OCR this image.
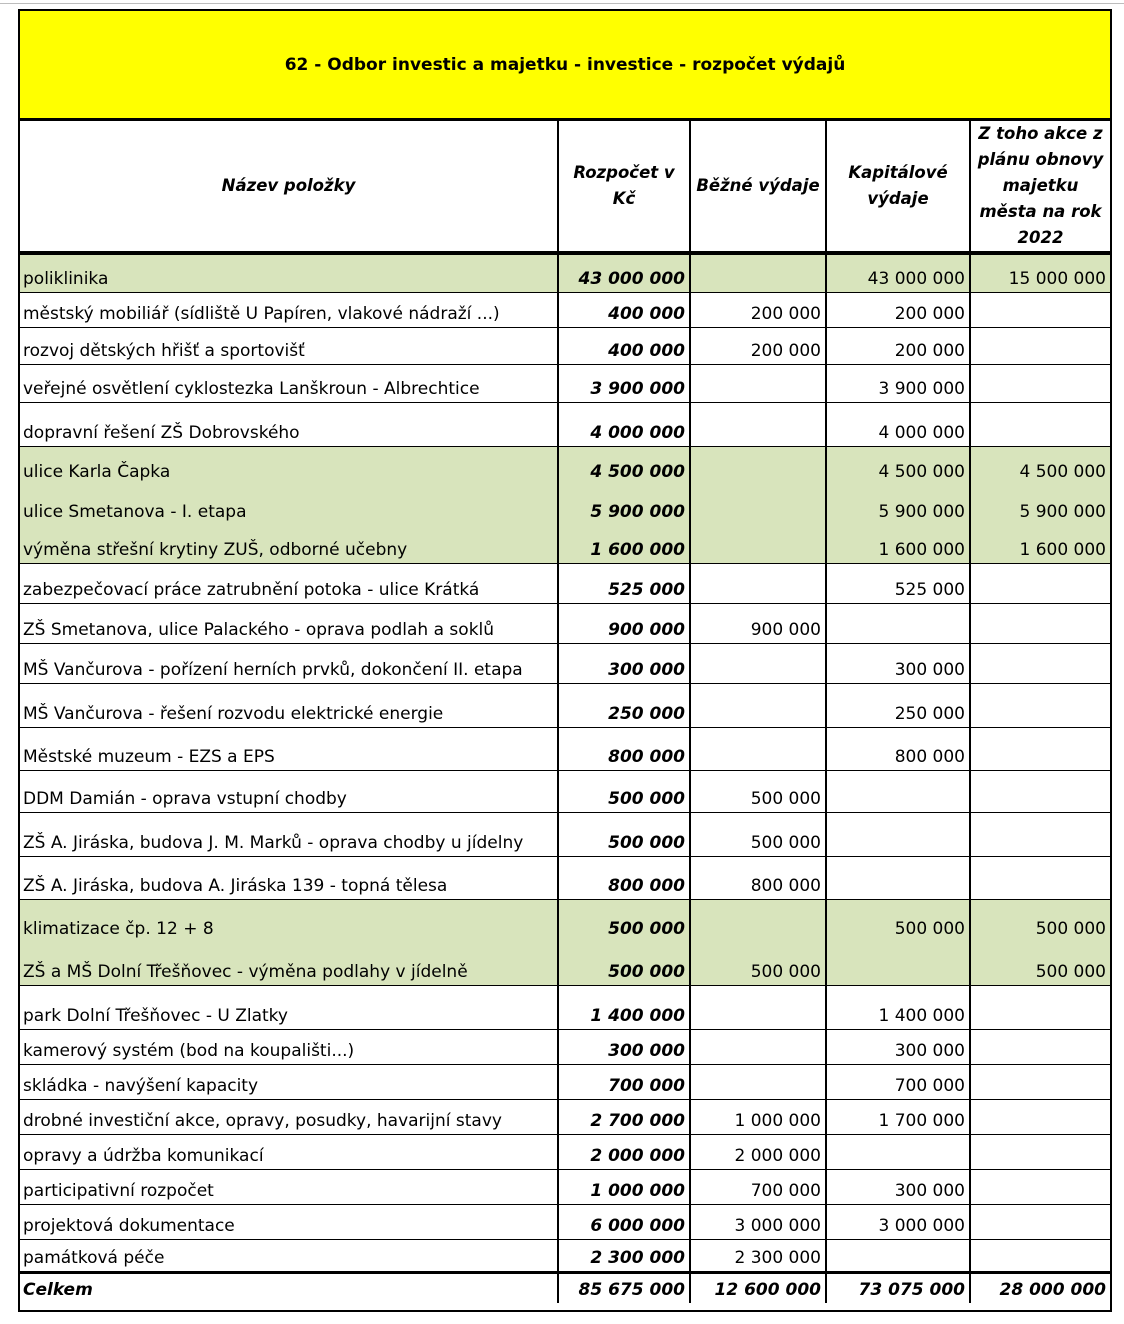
62 - Odbor investic a majetku - investice - rozpočet výdajů
Název položky	Rozpočet v Kč	Běžné výdaje	Kapitálové výdaje	Z toho akce z plánu obnovy majetku města na rok 2022
poliklinika	43 000 000		43 000 000	15 000 000
městský mobiliář (sídliště U Papíren, vlakové nádraží ...)	400 000	200 000	200 000	
rozvoj dětských hřišť a sportovišť	400 000	200 000	200 000	
veřejné osvětlení cyklostezka Lanškroun - Albrechtice	3 900 000		3 900 000	
dopravní řešení ZŠ Dobrovského	4 000 000		4 000 000	
ulice Karla Čapka	4 500 000		4 500 000	4 500 000
ulice Smetanova - I. etapa	5 900 000		5 900 000	5 900 000
výměna střešní krytiny ZUŠ, odborné učebny	1 600 000		1 600 000	1 600 000
zabezpečovací práce zatrubnění potoka - ulice Krátká	525 000		525 000	
ZŠ Smetanova, ulice Palackého - oprava podlah a soklů	900 000	900 000		
MŠ Vančurova - pořízení herních prvků, dokončení II. etapa	300 000		300 000	
MŠ Vančurova - řešení rozvodu elektrické energie	250 000		250 000	
Městské muzeum - EZS a EPS	800 000		800 000	
DDM Damián - oprava vstupní chodby	500 000	500 000		
ZŠ A. Jiráska, budova J. M. Marků - oprava chodby u jídelny	500 000	500 000		
ZŠ A. Jiráska, budova A. Jiráska 139 - topná tělesa	800 000	800 000		
klimatizace čp. 12 + 8	500 000		500 000	500 000
ZŠ a MŠ Dolní Třešňovec - výměna podlahy v jídelně	500 000	500 000		500 000
park Dolní Třešňovec - U Zlatky	1 400 000		1 400 000	
kamerový systém (bod na koupališti...)	300 000		300 000	
skládka - navýšení kapacity	700 000		700 000	
drobné investiční akce, opravy, posudky, havarijní stavy	2 700 000	1 000 000	1 700 000	
opravy a údržba komunikací	2 000 000	2 000 000		
participativní rozpočet	1 000 000	700 000	300 000	
projektová dokumentace	6 000 000	3 000 000	3 000 000	
památková péče	2 300 000	2 300 000		
Celkem	85 675 000	12 600 000	73 075 000	28 000 000
